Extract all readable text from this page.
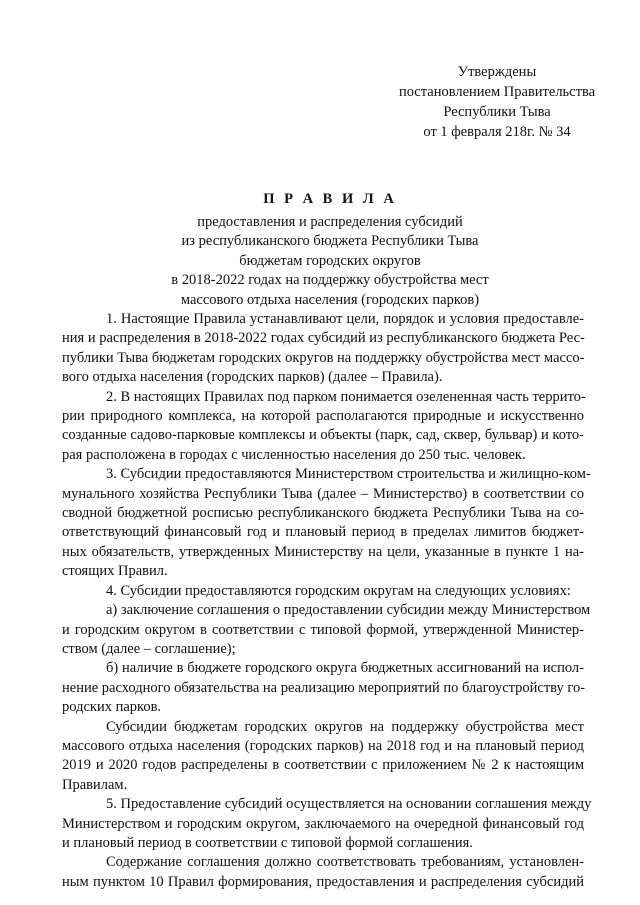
Утверждены
постановлением Правительства
Республики Тыва
от 1 февраля 218г. № 34
П Р А В И Л А
предоставления и распределения субсидий
из республиканского бюджета Республики Тыва
бюджетам городских округов
в 2018-2022 годах на поддержку обустройства мест
массового отдыха населения (городских парков)
1. Настоящие Правила устанавливают цели, порядок и условия предоставле-
ния и распределения в 2018-2022 годах субсидий из республиканского бюджета Рес-
публики Тыва бюджетам городских округов на поддержку обустройства мест массо-
вого отдыха населения (городских парков) (далее – Правила).
2. В настоящих Правилах под парком понимается озелененная часть террито-
рии природного комплекса, на которой располагаются природные и искусственно
созданные садово-парковые комплексы и объекты (парк, сад, сквер, бульвар) и кото-
рая расположена в городах с численностью населения до 250 тыс. человек.
3. Субсидии предоставляются Министерством строительства и жилищно-ком-
мунального хозяйства Республики Тыва (далее – Министерство) в соответствии со
сводной бюджетной росписью республиканского бюджета Республики Тыва на со-
ответствующий финансовый год и плановый период в пределах лимитов бюджет-
ных обязательств, утвержденных Министерству на цели, указанные в пункте 1 на-
стоящих Правил.
4. Субсидии предоставляются городским округам на следующих условиях:
а) заключение соглашения о предоставлении субсидии между Министерством
и городским округом в соответствии с типовой формой, утвержденной Министер-
ством (далее – соглашение);
б) наличие в бюджете городского округа бюджетных ассигнований на испол-
нение расходного обязательства на реализацию мероприятий по благоустройству го-
родских парков.
Субсидии бюджетам городских округов на поддержку обустройства мест
массового отдыха населения (городских парков) на 2018 год и на плановый период
2019 и 2020 годов распределены в соответствии с приложением № 2 к настоящим
Правилам.
5. Предоставление субсидий осуществляется на основании соглашения между
Министерством и городским округом, заключаемого на очередной финансовый год
и плановый период в соответствии с типовой формой соглашения.
Содержание соглашения должно соответствовать требованиям, установлен-
ным пунктом 10 Правил формирования, предоставления и распределения субсидий
